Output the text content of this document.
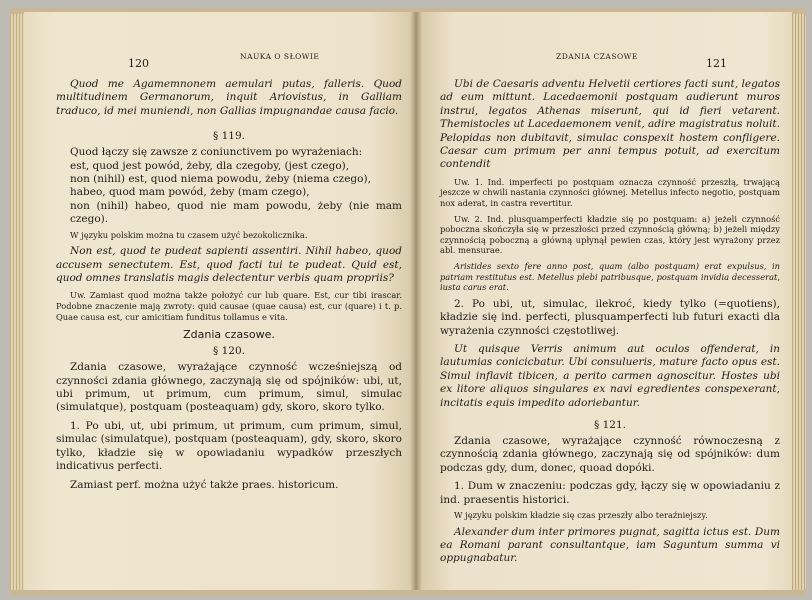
120
NAUKA O SŁOWIE

Quod me Agamemnonem aemulari putas, falleris. Quod multitudinem Germanorum, inquit Ariovistus, in Galliam traduco, id mei muniendi, non Gallias impugnandae causa facio.

§ 119.

Quod łączy się zawsze z coniunctivem po wyrażeniach:

est, quod jest powód, żeby, dla czegoby, (jest czego),

non (nihil) est, quod niema powodu, żeby (niema czego),

habeo, quod mam powód, żeby (mam czego),

non (nihil) habeo, quod nie mam powodu, żeby (nie mam czego).

W języku polskim można tu czasem użyć bezokolicznika.

Non est, quod te pudeat sapienti assentiri. Nihil habeo, quod accusem senectutem. Est, quod facti tui te pudeat. Quid est, quod omnes translatis magis delectentur verbis quam propriis?

Uw. Zamiast quod można także położyć cur lub quare. Est, cur tibi irascar. Podobne znaczenie mają zwroty: quid causae (quae causa) est, cur (quare) i t. p. Quae causa est, cur amicitiam funditus tollamus e vita.

Zdania czasowe.

§ 120.

Zdania czasowe, wyrażające czynność wcześniejszą od czynności zdania głównego, zaczynają się od spójników: ubi, ut, ubi primum, ut primum, cum primum, simul, simulac (simulatque), postquam (posteaquam) gdy, skoro, skoro tylko.

1. Po ubi, ut, ubi primum, ut primum, cum primum, simul, simulac (simulatque), postquam (posteaquam), gdy, skoro, skoro tylko, kładzie się w opowiadaniu wypadków przeszłych indicativus perfecti.

Zamiast perf. można użyć także praes. historicum.

ZDANIA CZASOWE
121

Ubi de Caesaris adventu Helvetii certiores facti sunt, legatos ad eum mittunt. Lacedaemonii postquam audierunt muros instrui, legatos Athenas miserunt, qui id fieri vetarent. Themistocles ut Lacedaemonem venit, adire magistratus noluit. Pelopidas non dubitavit, simulac conspexit hostem confligere. Caesar cum primum per anni tempus potuit, ad exercitum contendit

Uw. 1. Ind. imperfecti po postquam oznacza czynność przeszłą, trwającą jeszcze w chwili nastania czynności głównej. Metellus infecto negotio, postquam nox aderat, in castra revertitur.

Uw. 2. Ind. plusquamperfecti kładzie się po postquam: a) jeżeli czynność poboczna skończyła się w przeszłości przed czynnością główną; b) jeżeli między czynnością poboczną a główną upłynął pewien czas, który jest wyrażony przez abl. mensurae.

Aristides sexto fere anno post, quam (albo postquam) erat expulsus, in patriam restitutus est. Metellus plebi patribusque, postquam invidia decesserat, iusta carus erat.

2. Po ubi, ut, simulac, ilekroć, kiedy tylko (=quotiens), kładzie się ind. perfecti, plusquamperfecti lub futuri exacti dla wyrażenia czynności częstotliwej.

Ut quisque Verris animum aut oculos offenderat, in lautumias conicicbatur. Ubi consulueris, mature facto opus est. Simul inflavit tibicen, a perito carmen agnoscitur. Hostes ubi ex litore aliquos singulares ex navi egredientes conspexerant, incitatis equis impedito adoriebantur.

§ 121.

Zdania czasowe, wyrażające czynność równoczesną z czynnością zdania głównego, zaczynają się od spójników: dum podczas gdy, dum, donec, quoad dopóki.

1. Dum w znaczeniu: podczas gdy, łączy się w opowiadaniu z ind. praesentis historici.

W języku polskim kładzie się czas przeszły albo teraźniejszy.

Alexander dum inter primores pugnat, sagitta ictus est. Dum ea Romani parant consultantque, iam Saguntum summa vi oppugnabatur.
